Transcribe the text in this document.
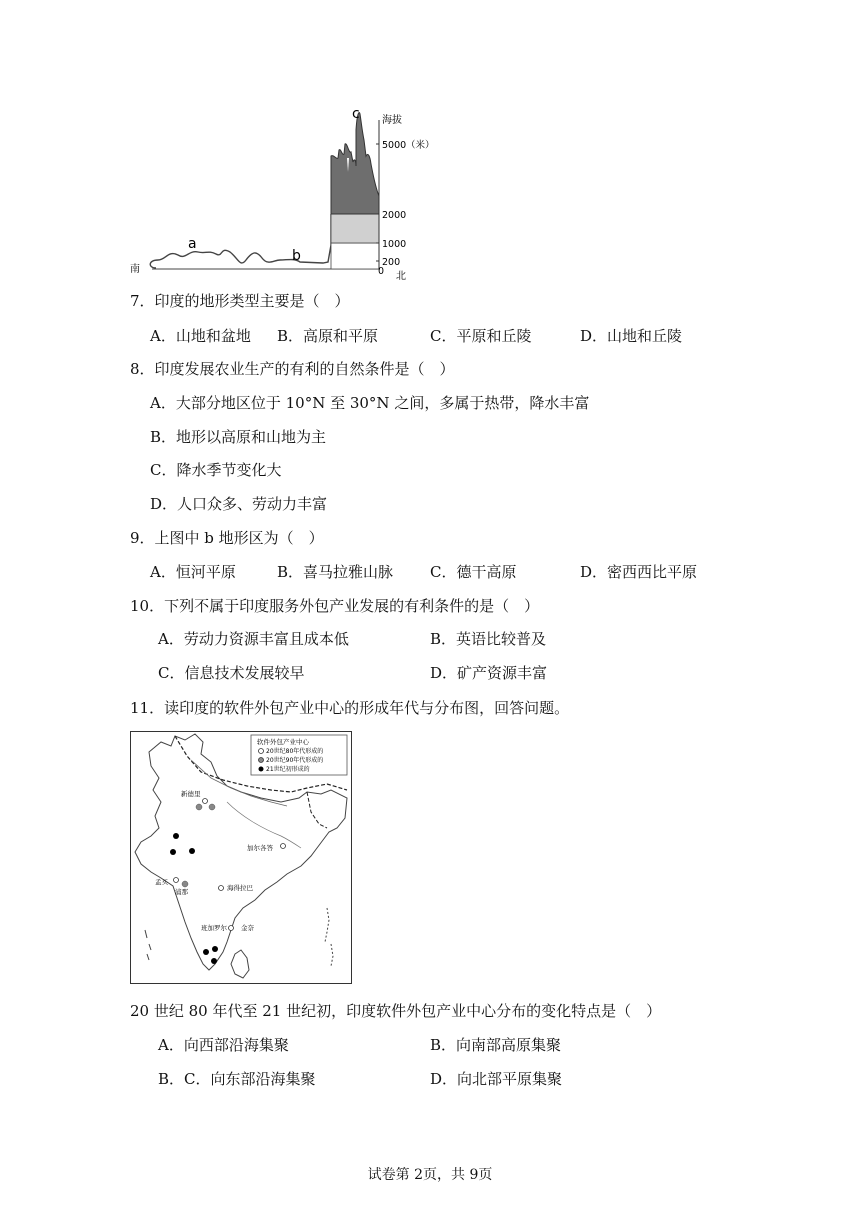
海拔
5000 （米）
2000
1000
200
0 北
南
a
b
c
7．印度的地形类型主要是（　）
A．山地和盆地 B．高原和平原	C．平原和丘陵	D．山地和丘陵
8．印度发展农业生产的有利的自然条件是（　）
A．大部分地区位于 10°N 至 30°N 之间，多属于热带，降水丰富
B．地形以高原和山地为主
C．降水季节变化大
D．人口众多、劳动力丰富
9．上图中 b 地形区为（　）
A．恒河平原	B．喜马拉雅山脉 C．德干高原	D．密西西比平原
10．下列不属于印度服务外包产业发展的有利条件的是（　）
A．劳动力资源丰富且成本低	B．英语比较普及
C．信息技术发展较早	D．矿产资源丰富
11．读印度的软件外包产业中心的形成年代与分布图，回答问题。
软件外包产业中心
20世纪80年代形成的
20世纪90年代形成的
21世纪初形成的
新德里
加尔各答
孟买
浦那	海得拉巴
班加罗尔 金奈
20 世纪 80 年代至 21 世纪初，印度软件外包产业中心分布的变化特点是（　）
A．向西部沿海集聚	B．向南部高原集聚
B．C．向东部沿海集聚	D．向北部平原集聚
试卷第 2页，共 9页
